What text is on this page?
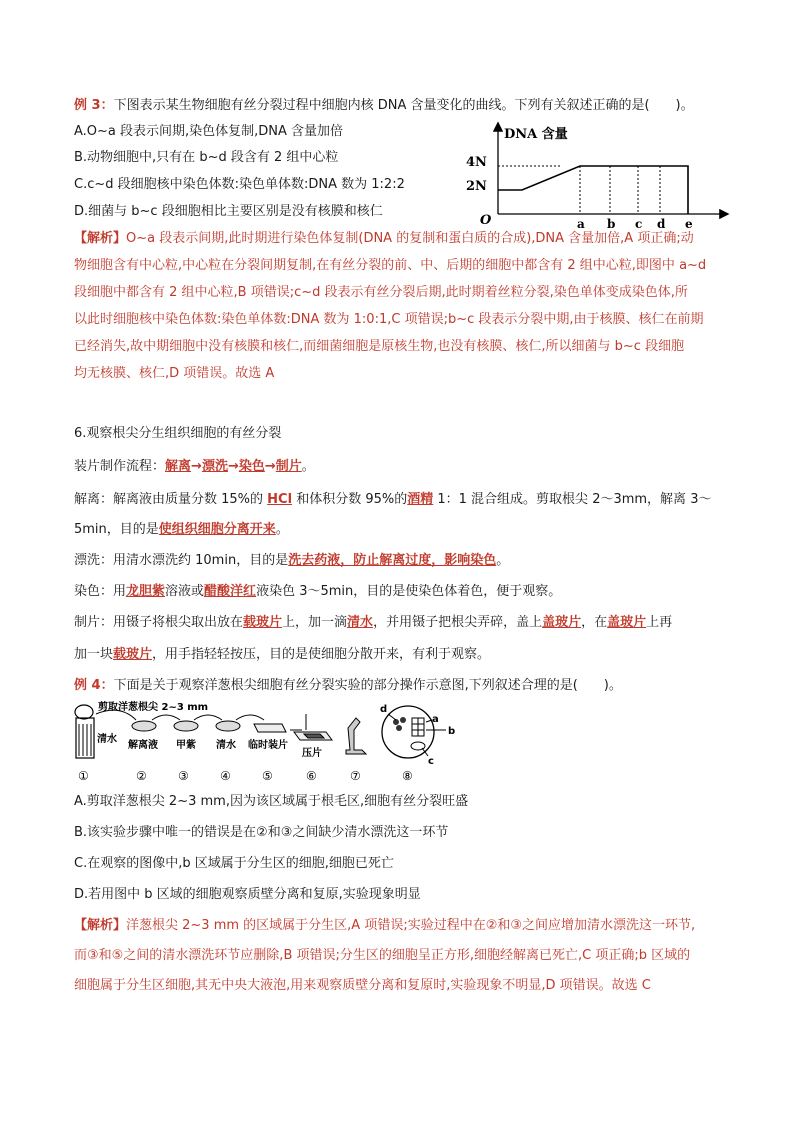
例 3：下图表示某生物细胞有丝分裂过程中细胞内核 DNA 含量变化的曲线。下列有关叙述正确的是(　　)。
A.O~a 段表示间期,染色体复制,DNA 含量加倍
B.动物细胞中,只有在 b~d 段含有 2 组中心粒
C.c~d 段细胞核中染色体数:染色单体数:DNA 数为 1:2:2
D.细菌与 b~c 段细胞相比主要区别是没有核膜和核仁
DNA 含量
O
2N
4N
a b c d e
【解析】O~a 段表示间期,此时期进行染色体复制(DNA 的复制和蛋白质的合成),DNA 含量加倍,A 项正确;动
物细胞含有中心粒,中心粒在分裂间期复制,在有丝分裂的前、中、后期的细胞中都含有 2 组中心粒,即图中 a~d
段细胞中都含有 2 组中心粒,B 项错误;c~d 段表示有丝分裂后期,此时期着丝粒分裂,染色单体变成染色体,所
以此时细胞核中染色体数:染色单体数:DNA 数为 1:0:1,C 项错误;b~c 段表示分裂中期,由于核膜、核仁在前期
已经消失,故中期细胞中没有核膜和核仁,而细菌细胞是原核生物,也没有核膜、核仁,所以细菌与 b~c 段细胞
均无核膜、核仁,D 项错误。故选 A
6.观察根尖分生组织细胞的有丝分裂
装片制作流程：解离→漂洗→染色→制片。
解离：解离液由质量分数 15%的 HCl 和体积分数 95%的酒精 1：1 混合组成。剪取根尖 2～3mm，解离 3～
5min，目的是使组织细胞分离开来。
漂洗：用清水漂洗约 10min，目的是洗去药液，防止解离过度，影响染色。
染色：用龙胆紫溶液或醋酸洋红液染色 3～5min，目的是使染色体着色，便于观察。
制片：用镊子将根尖取出放在载玻片上，加一滴清水，并用镊子把根尖弄碎，盖上盖玻片，在盖玻片上再
加一块载玻片，用手指轻轻按压，目的是使细胞分散开来，有利于观察。
例 4：下面是关于观察洋葱根尖细胞有丝分裂实验的部分操作示意图,下列叙述合理的是(　　)。
清水
剪取洋葱根尖 2~3 mm
解离液 甲紫 清水 临时装片
压片
d
a
b
c
①	②	③	④	⑤	⑥	⑦	⑧
A.剪取洋葱根尖 2~3 mm,因为该区域属于根毛区,细胞有丝分裂旺盛
B.该实验步骤中唯一的错误是在②和③之间缺少清水漂洗这一环节
C.在观察的图像中,b 区域属于分生区的细胞,细胞已死亡
D.若用图中 b 区域的细胞观察质壁分离和复原,实验现象明显
【解析】洋葱根尖 2~3 mm 的区域属于分生区,A 项错误;实验过程中在②和③之间应增加清水漂洗这一环节,
而③和⑤之间的清水漂洗环节应删除,B 项错误;分生区的细胞呈正方形,细胞经解离已死亡,C 项正确;b 区域的
细胞属于分生区细胞,其无中央大液泡,用来观察质壁分离和复原时,实验现象不明显,D 项错误。故选 C
